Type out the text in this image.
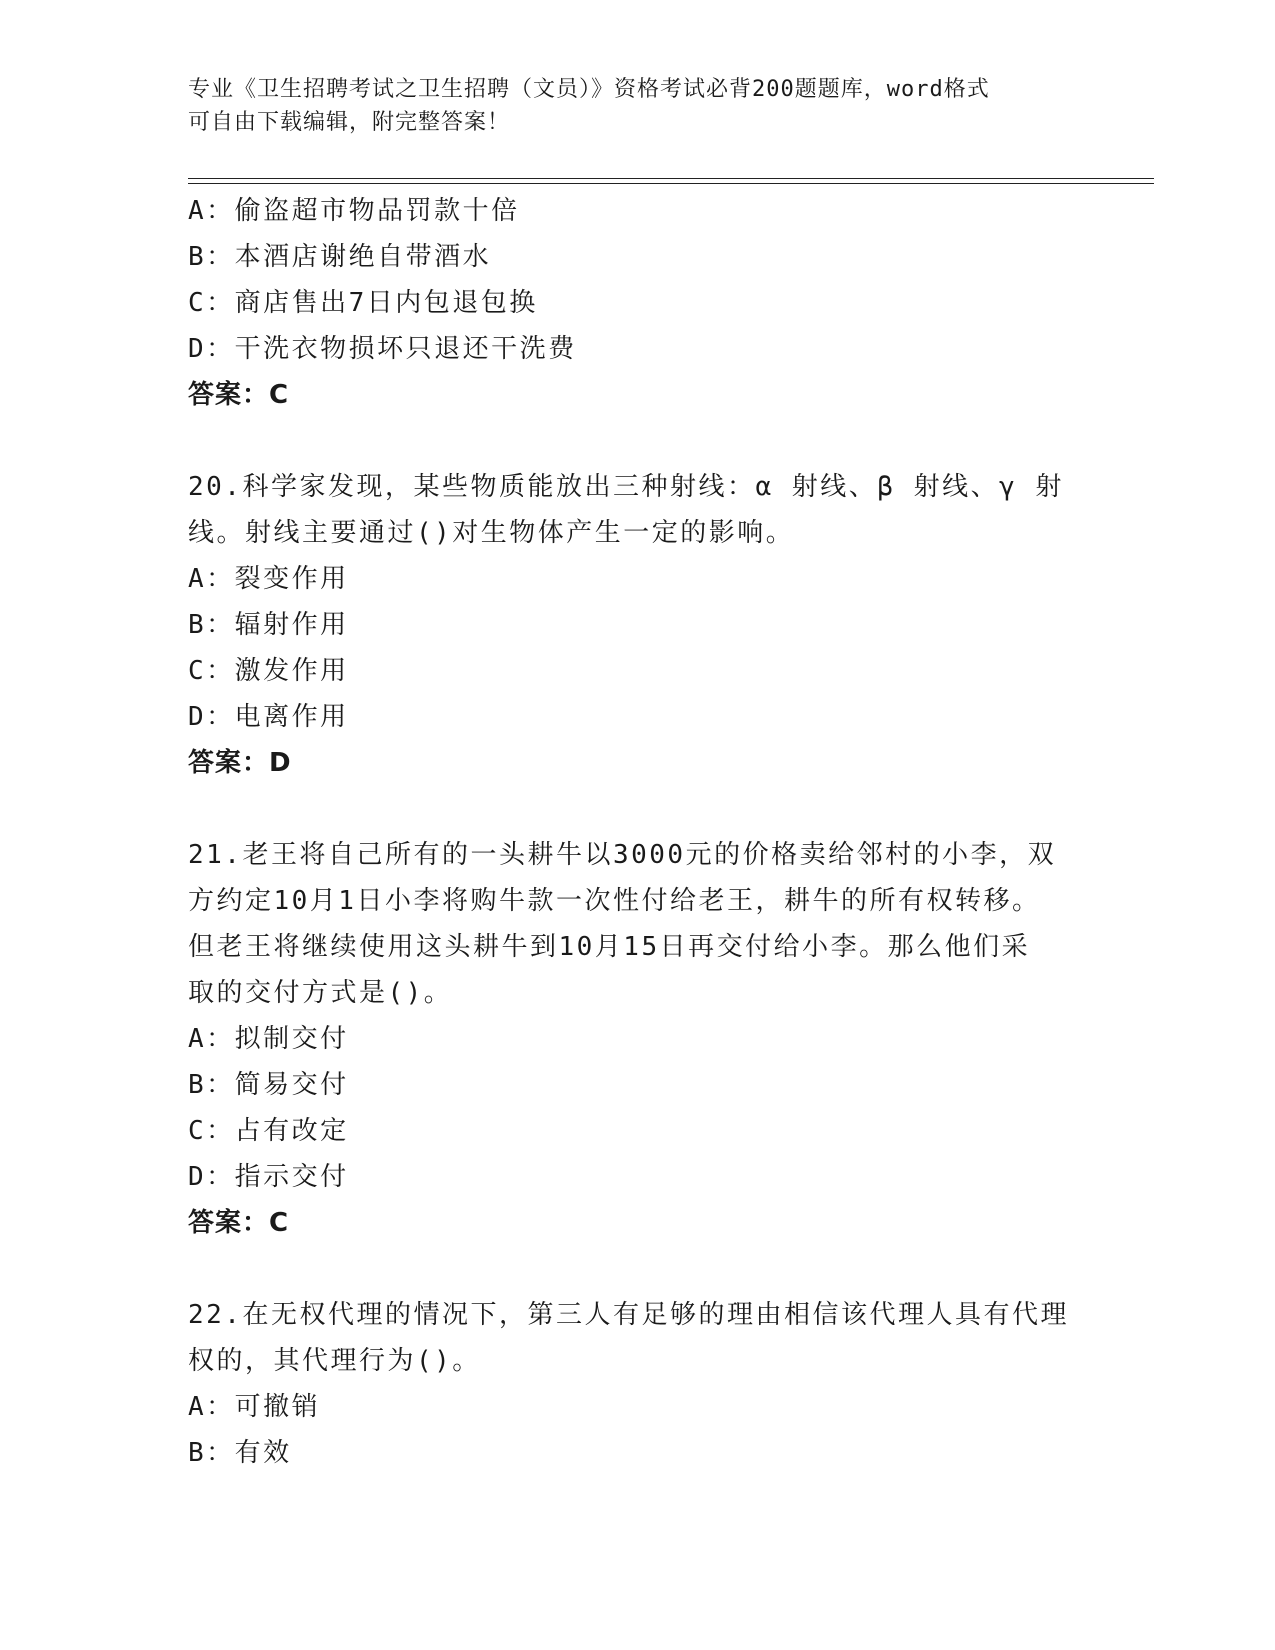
专业《卫生招聘考试之卫生招聘（文员）》资格考试必背200题题库，word格式
可自由下载编辑，附完整答案！
A：偷盗超市物品罚款十倍
B：本酒店谢绝自带酒水
C：商店售出7日内包退包换
D：干洗衣物损坏只退还干洗费
答案：C
20.科学家发现，某些物质能放出三种射线：α 射线、β 射线、γ 射
线。射线主要通过()对生物体产生一定的影响。
A：裂变作用
B：辐射作用
C：激发作用
D：电离作用
答案：D
21.老王将自己所有的一头耕牛以3000元的价格卖给邻村的小李，双
方约定10月1日小李将购牛款一次性付给老王，耕牛的所有权转移。
但老王将继续使用这头耕牛到10月15日再交付给小李。那么他们采
取的交付方式是()。
A：拟制交付
B：简易交付
C：占有改定
D：指示交付
答案：C
22.在无权代理的情况下，第三人有足够的理由相信该代理人具有代理
权的，其代理行为()。
A：可撤销
B：有效
